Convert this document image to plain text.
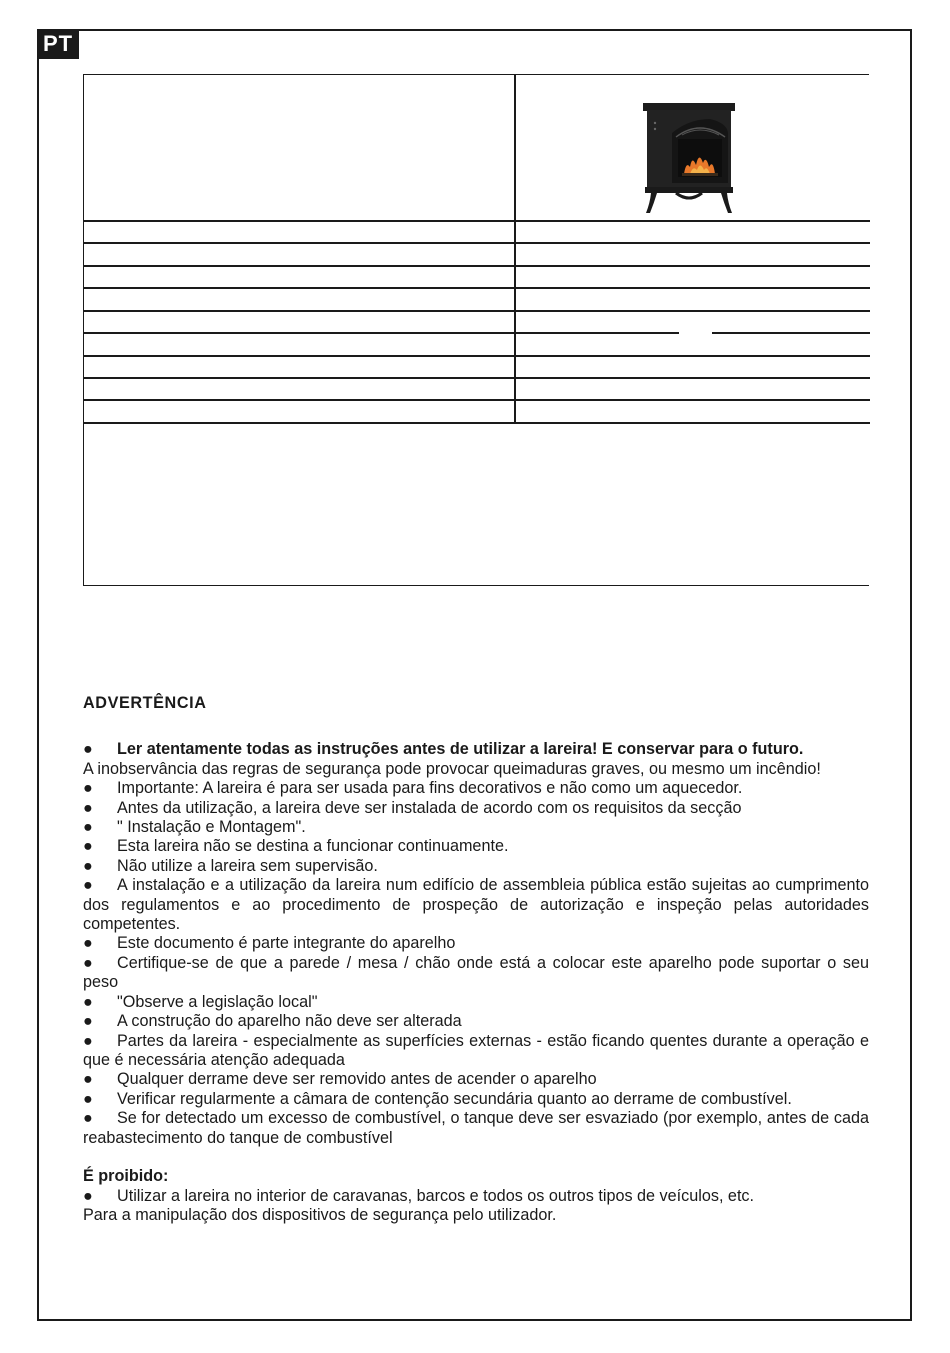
PT

ADVERTÊNCIA

● Ler atentamente todas as instruções antes de utilizar a lareira! E conservar para o futuro.

A inobservância das regras de segurança pode provocar queimaduras graves, ou mesmo um incêndio!

● Importante: A lareira é para ser usada para fins decorativos e não como um aquecedor.

● Antes da utilização, a lareira deve ser instalada de acordo com os requisitos da secção

● " Instalação e Montagem".

● Esta lareira não se destina a funcionar continuamente.

● Não utilize a lareira sem supervisão.

● A instalação e a utilização da lareira num edifício de assembleia pública estão sujeitas ao cumprimento dos regulamentos e ao procedimento de prospeção de autorização e inspeção pelas autoridades competentes.

● Este documento é parte integrante do aparelho

● Certifique-se de que a parede / mesa / chão onde está a colocar este aparelho pode suportar o seu peso

● "Observe a legislação local"

● A construção do aparelho não deve ser alterada

● Partes da lareira - especialmente as superfícies externas - estão ficando quentes durante a operação e que é necessária atenção adequada

● Qualquer derrame deve ser removido antes de acender o aparelho

● Verificar regularmente a câmara de contenção secundária quanto ao derrame de combustível.

● Se for detectado um excesso de combustível, o tanque deve ser esvaziado (por exemplo, antes de cada reabastecimento do tanque de combustível

É proibido:

● Utilizar a lareira no interior de caravanas, barcos e todos os outros tipos de veículos, etc.

Para a manipulação dos dispositivos de segurança pelo utilizador.
